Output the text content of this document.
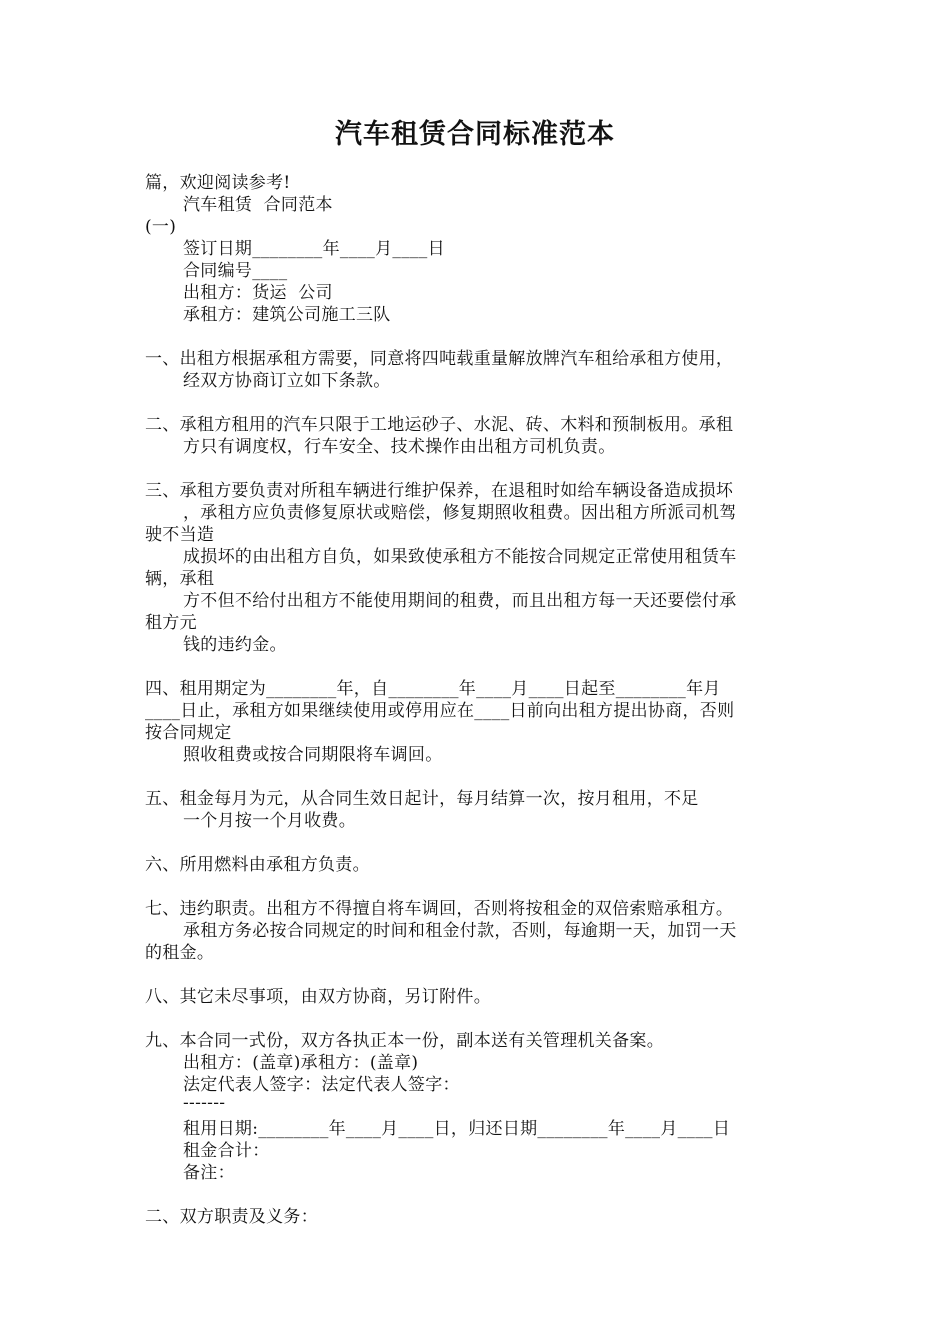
汽车租赁合同标准范本
篇，欢迎阅读参考!
汽车租赁  合同范本
(一)
签订日期________年____月____日
合同编号____
出租方：货运  公司
承租方：建筑公司施工三队
一、出租方根据承租方需要，同意将四吨载重量解放牌汽车租给承租方使用，
经双方协商订立如下条款。
二、承租方租用的汽车只限于工地运砂子、水泥、砖、木料和预制板用。承租
方只有调度权，行车安全、技术操作由出租方司机负责。
三、承租方要负责对所租车辆进行维护保养，在退租时如给车辆设备造成损坏
，承租方应负责修复原状或赔偿，修复期照收租费。因出租方所派司机驾
驶不当造
成损坏的由出租方自负，如果致使承租方不能按合同规定正常使用租赁车
辆，承租
方不但不给付出租方不能使用期间的租费，而且出租方每一天还要偿付承
租方元
钱的违约金。
四、租用期定为________年，自________年____月____日起至________年月
____日止，承租方如果继续使用或停用应在____日前向出租方提出协商，否则
按合同规定
照收租费或按合同期限将车调回。
五、租金每月为元，从合同生效日起计，每月结算一次，按月租用，不足
一个月按一个月收费。
六、所用燃料由承租方负责。
七、违约职责。出租方不得擅自将车调回，否则将按租金的双倍索赔承租方。
承租方务必按合同规定的时间和租金付款，否则，每逾期一天，加罚一天
的租金。
八、其它未尽事项，由双方协商，另订附件。
九、本合同一式份，双方各执正本一份，副本送有关管理机关备案。
出租方：(盖章)承租方：(盖章)
法定代表人签字：法定代表人签字：
-------
租用日期:________年____月____日，归还日期________年____月____日
租金合计：
备注：
二、双方职责及义务：
